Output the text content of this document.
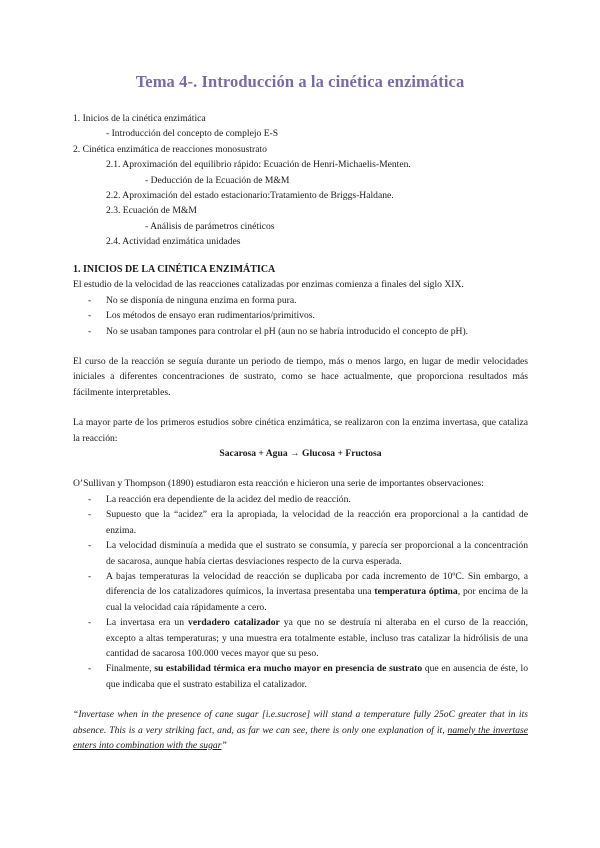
Tema 4-. Introducción a la cinética enzimática
1. Inicios de la cinética enzimática
- Introducción del concepto de complejo E-S
2. Cinética enzimática de reacciones monosustrato
2.1. Aproximación del equilibrio rápido: Ecuación de Henri-Michaelis-Menten.
- Deducción de la Ecuación de M&M
2.2. Aproximación del estado estacionario:Tratamiento de Briggs-Haldane.
2.3. Ecuación de M&M
- Análisis de parámetros cinéticos
2.4. Actividad enzimática unidades
1. INICIOS DE LA CINÉTICA ENZIMÁTICA

El estudio de la velocidad de las reacciones catalizadas por enzimas comienza a finales del siglo XIX.

- No se disponía de ninguna enzima en forma pura.
- Los métodos de ensayo eran rudimentarios/primitivos.
- No se usaban tampones para controlar el pH (aun no se habría introducido el concepto de pH).

El curso de la reacción se seguía durante un periodo de tiempo, más o menos largo, en lugar de medir velocidades iniciales a diferentes concentraciones de sustrato, como se hace actualmente, que proporciona resultados más fácilmente interpretables.

La mayor parte de los primeros estudios sobre cinética enzimática, se realizaron con la enzima invertasa, que cataliza la reacción:

Sacarosa + Agua → Glucosa + Fructosa

O’Sullivan y Thompson (1890) estudiaron esta reacción e hicieron una serie de importantes observaciones:

- La reacción era dependiente de la acidez del medio de reacción.
- Supuesto que la “acidez” era la apropiada, la velocidad de la reacción era proporcional a la cantidad de enzima.
- La velocidad disminuía a medida que el sustrato se consumía, y parecía ser proporcional a la concentración de sacarosa, aunque había ciertas desviaciones respecto de la curva esperada.
- A bajas temperaturas la velocidad de reacción se duplicaba por cada incremento de 10ºC. Sin embargo, a diferencia de los catalizadores químicos, la invertasa presentaba una temperatura óptima, por encima de la cual la velocidad caía rápidamente a cero.
- La invertasa era un verdadero catalizador ya que no se destruía ni alteraba en el curso de la reacción, excepto a altas temperaturas; y una muestra era totalmente estable, incluso tras catalizar la hidrólisis de una cantidad de sacarosa 100.000 veces mayor que su peso.
- Finalmente, su estabilidad térmica era mucho mayor en presencia de sustrato que en ausencia de éste, lo que indicaba que el sustrato estabiliza el catalizador.

“Invertase when in the presence of cane sugar [i.e.sucrose] will stand a temperature fully 25oC greater that in its absence. This is a very striking fact, and, as far we can see, there is only one explanation of it, namely the invertase enters into combination with the sugar”
